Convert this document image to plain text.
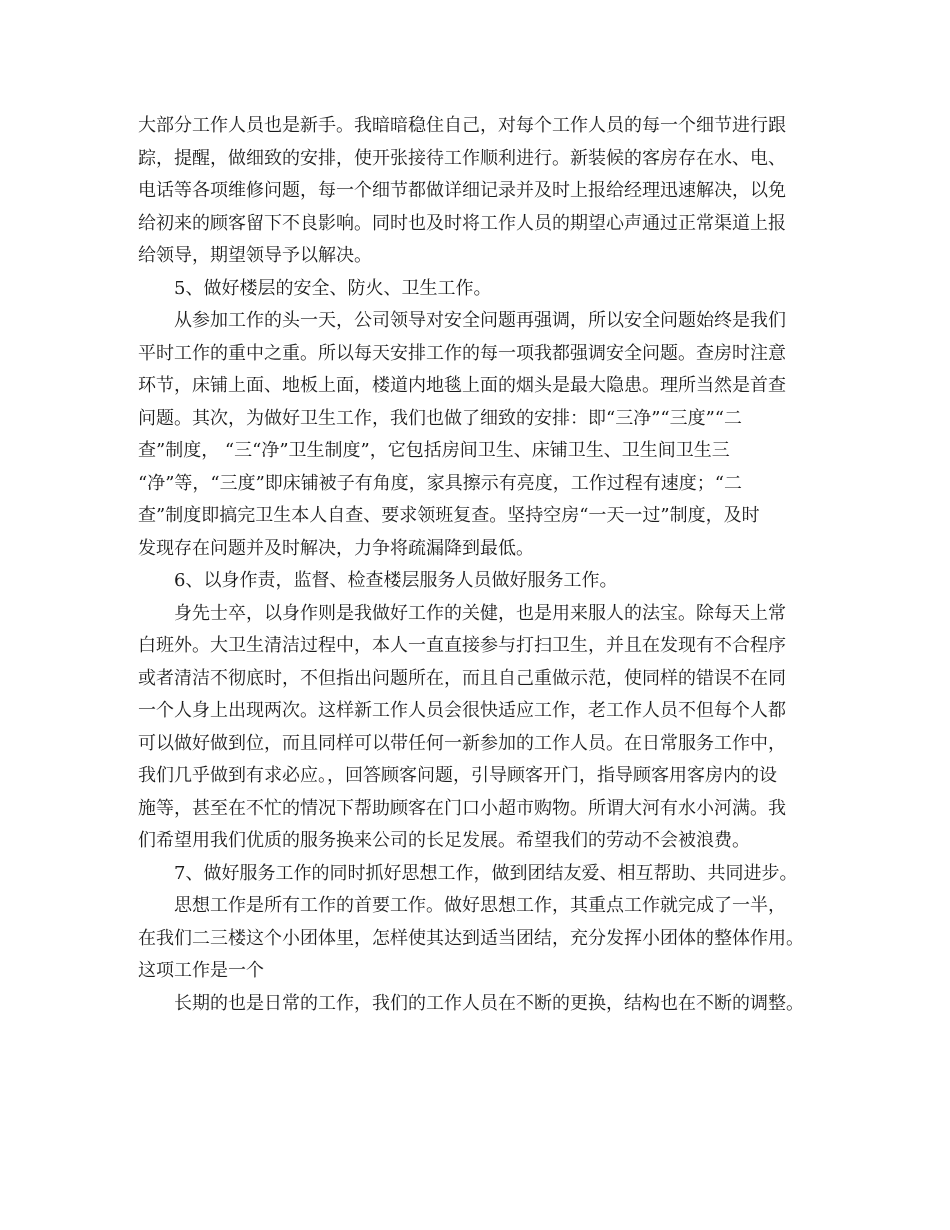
大部分工作人员也是新手。我暗暗稳住自己，对每个工作人员的每一个细节进行跟
踪，提醒，做细致的安排，使开张接待工作顺利进行。新装候的客房存在水、电、
电话等各项维修问题，每一个细节都做详细记录并及时上报给经理迅速解决，以免
给初来的顾客留下不良影响。同时也及时将工作人员的期望心声通过正常渠道上报
给领导，期望领导予以解决。
5、做好楼层的安全、防火、卫生工作。
从参加工作的头一天，公司领导对安全问题再强调，所以安全问题始终是我们
平时工作的重中之重。所以每天安排工作的每一项我都强调安全问题。查房时注意
环节，床铺上面、地板上面，楼道内地毯上面的烟头是最大隐患。理所当然是首查
问题。其次，为做好卫生工作，我们也做了细致的安排：即“三净”“三度”“二
查”制度， “三“净”卫生制度”，它包括房间卫生、床铺卫生、卫生间卫生三
“净”等，“三度”即床铺被子有角度，家具擦示有亮度，工作过程有速度；“二
查”制度即搞完卫生本人自查、要求领班复查。坚持空房“一天一过”制度，及时
发现存在问题并及时解决，力争将疏漏降到最低。
6、以身作责，监督、检查楼层服务人员做好服务工作。
身先士卒，以身作则是我做好工作的关健，也是用来服人的法宝。除每天上常
白班外。大卫生清洁过程中，本人一直直接参与打扫卫生，并且在发现有不合程序
或者清洁不彻底时，不但指出问题所在，而且自己重做示范，使同样的错误不在同
一个人身上出现两次。这样新工作人员会很快适应工作，老工作人员不但每个人都
可以做好做到位，而且同样可以带任何一新参加的工作人员。在日常服务工作中，
我们几乎做到有求必应。，回答顾客问题，引导顾客开门，指导顾客用客房内的设
施等，甚至在不忙的情况下帮助顾客在门口小超市购物。所谓大河有水小河满。我
们希望用我们优质的服务换来公司的长足发展。希望我们的劳动不会被浪费。
7、做好服务工作的同时抓好思想工作，做到团结友爱、相互帮助、共同进步。
思想工作是所有工作的首要工作。做好思想工作，其重点工作就完成了一半，
在我们二三楼这个小团体里，怎样使其达到适当团结，充分发挥小团体的整体作用。
这项工作是一个
长期的也是日常的工作，我们的工作人员在不断的更换，结构也在不断的调整。
